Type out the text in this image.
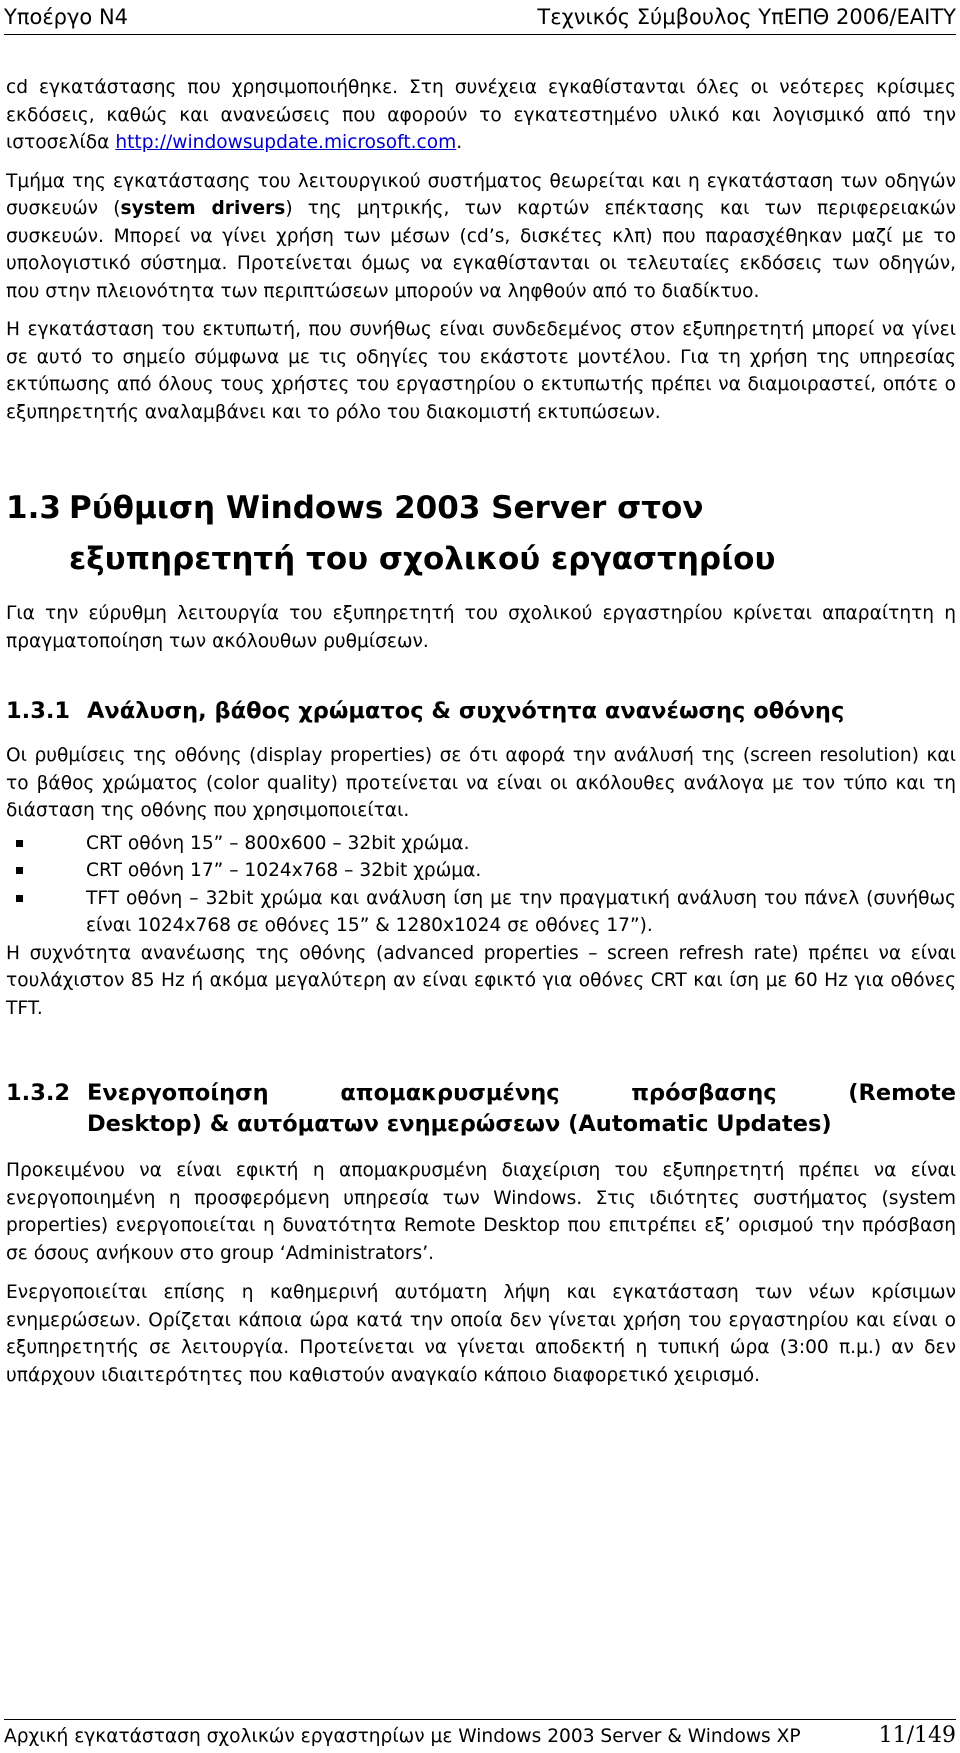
Υπoέργο Ν4	Τεχνικός Σύμβουλος ΥπΕΠΘ 2006/ΕΑΙΤΥ

cd εγκατάστασης που χρησιμοποιήθηκε. Στη συνέχεια εγκαθίστανται όλες οι νεότερες κρίσιμες εκδόσεις, καθώς και ανανεώσεις που αφορούν το εγκατεστημένο υλικό και λογισμικό από την ιστοσελίδα http://windowsupdate.microsoft.com.

Τμήμα της εγκατάστασης του λειτουργικού συστήματος θεωρείται και η εγκατάσταση των οδηγών συσκευών (system drivers) της μητρικής, των καρτών επέκτασης και των περιφερειακών συσκευών. Μπορεί να γίνει χρήση των μέσων (cd’s, δισκέτες κλπ) που παρασχέθηκαν μαζί με το υπολογιστικό σύστημα. Προτείνεται όμως να εγκαθίστανται οι τελευταίες εκδόσεις των οδηγών, που στην πλειονότητα των περιπτώσεων μπορούν να ληφθούν από το διαδίκτυο.

Η εγκατάσταση του εκτυπωτή, που συνήθως είναι συνδεδεμένος στον εξυπηρετητή μπορεί να γίνει σε αυτό το σημείο σύμφωνα με τις οδηγίες του εκάστοτε μοντέλου. Για τη χρήση της υπηρεσίας εκτύπωσης από όλους τους χρήστες του εργαστηρίου ο εκτυπωτής πρέπει να διαμοιραστεί, οπότε ο εξυπηρετητής αναλαμβάνει και το ρόλο του διακομιστή εκτυπώσεων.

1.3 Ρύθμιση Windows 2003 Server στον
εξυπηρετητή του σχολικού εργαστηρίου

Για την εύρυθμη λειτουργία του εξυπηρετητή του σχολικού εργαστηρίου κρίνεται απαραίτητη η πραγματοποίηση των ακόλουθων ρυθμίσεων.

1.3.1 Ανάλυση, βάθος χρώματος & συχνότητα ανανέωσης οθόνης

Οι ρυθμίσεις της οθόνης (display properties) σε ότι αφορά την ανάλυσή της (screen resolution) και το βάθος χρώματος (color quality) προτείνεται να είναι οι ακόλουθες ανάλογα με τον τύπο και τη διάσταση της οθόνης που χρησιμοποιείται.

CRT οθόνη 15” – 800x600 – 32bit χρώμα.
CRT οθόνη 17” – 1024x768 – 32bit χρώμα.
TFT οθόνη – 32bit χρώμα και ανάλυση ίση με την πραγματική ανάλυση του πάνελ (συνήθως είναι 1024x768 σε οθόνες 15” & 1280x1024 σε οθόνες 17”).

Η συχνότητα ανανέωσης της οθόνης (advanced properties – screen refresh rate) πρέπει να είναι τουλάχιστον 85 Hz ή ακόμα μεγαλύτερη αν είναι εφικτό για οθόνες CRT και ίση με 60 Hz για οθόνες TFT.

1.3.2 Ενεργοποίηση απομακρυσμένης πρόσβασης (Remote
Desktop) & αυτόματων ενημερώσεων (Automatic Updates)

Προκειμένου να είναι εφικτή η απομακρυσμένη διαχείριση του εξυπηρετητή πρέπει να είναι ενεργοποιημένη η προσφερόμενη υπηρεσία των Windows. Στις ιδιότητες συστήματος (system properties) ενεργοποιείται η δυνατότητα Remote Desktop που επιτρέπει εξ’ ορισμού την πρόσβαση σε όσους ανήκουν στο group ‘Administrators’.

Ενεργοποιείται επίσης η καθημερινή αυτόματη λήψη και εγκατάσταση των νέων κρίσιμων ενημερώσεων. Ορίζεται κάποια ώρα κατά την οποία δεν γίνεται χρήση του εργαστηρίου και είναι ο εξυπηρετητής σε λειτουργία. Προτείνεται να γίνεται αποδεκτή η τυπική ώρα (3:00 π.μ.) αν δεν υπάρχουν ιδιαιτερότητες που καθιστούν αναγκαίο κάποιο διαφορετικό χειρισμό.

Αρχική εγκατάσταση σχολικών εργαστηρίων με Windows 2003 Server & Windows XP	11/149
